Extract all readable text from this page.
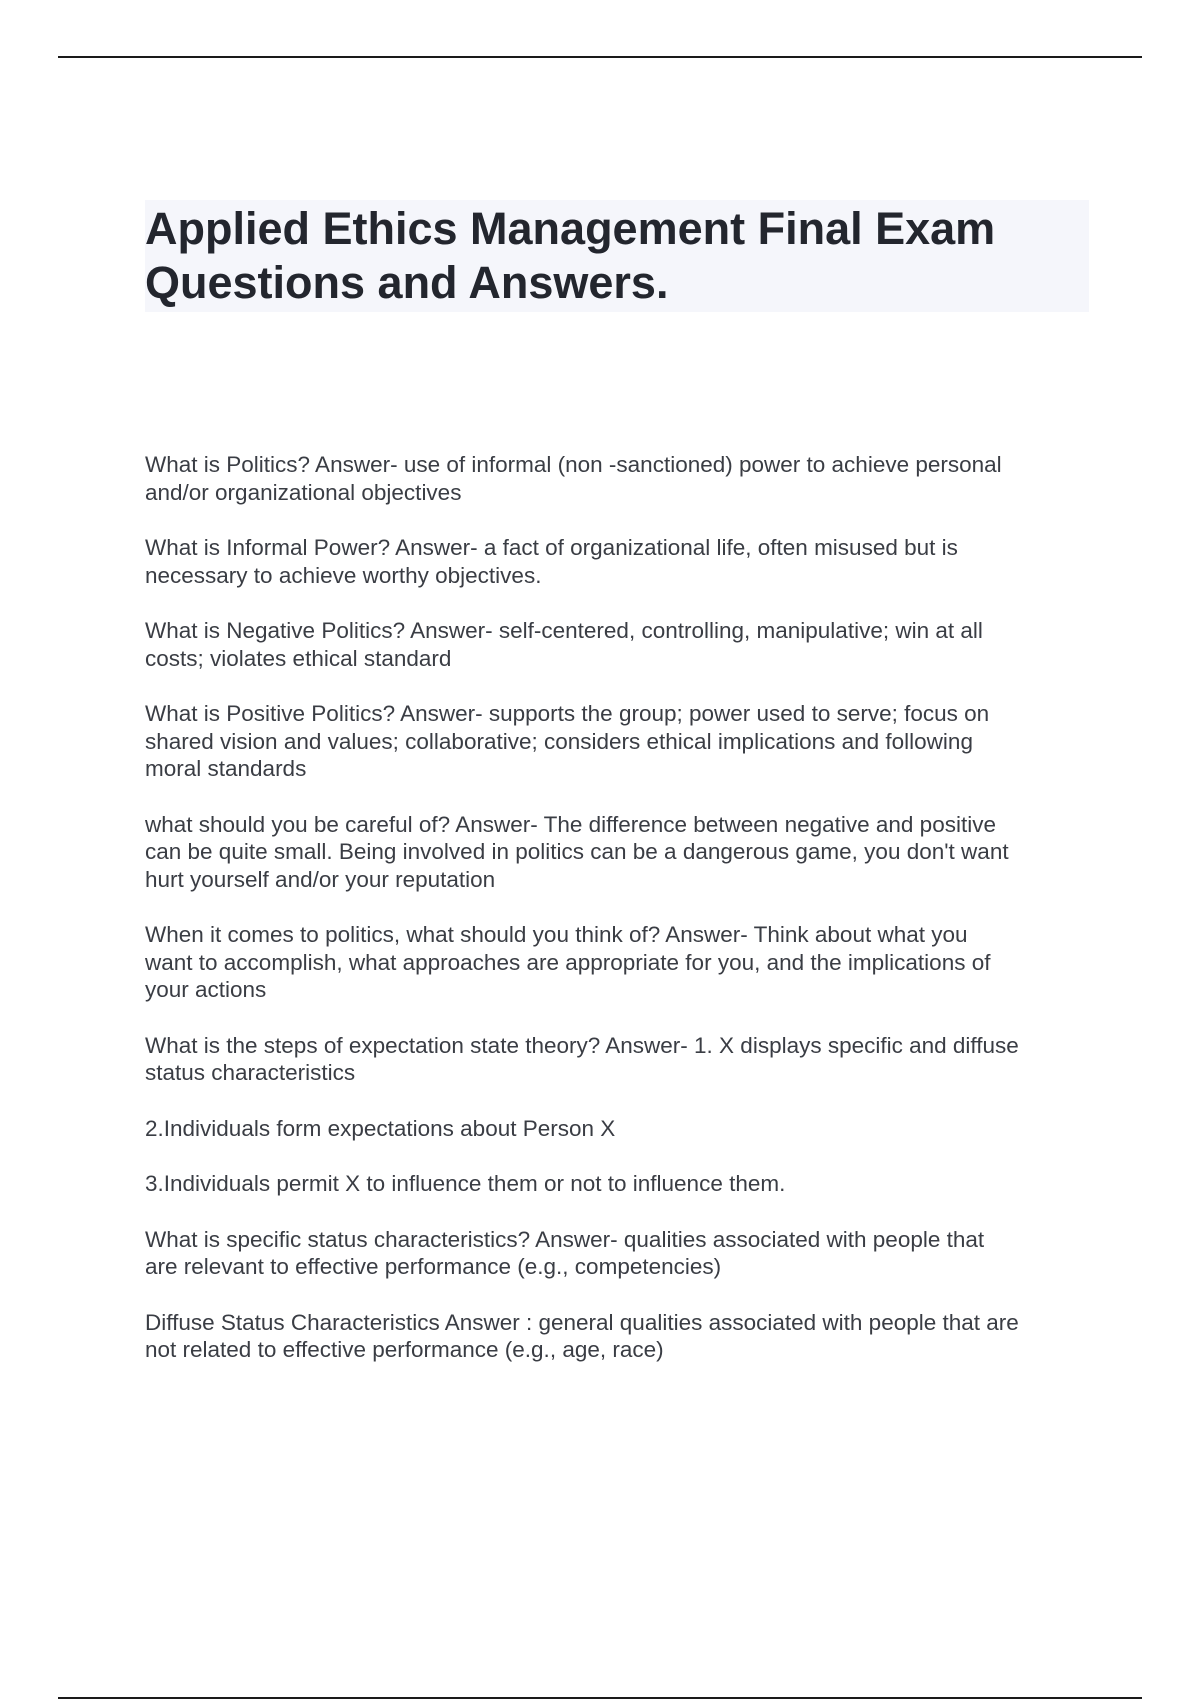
Applied Ethics Management Final Exam
Questions and Answers.

What is Politics? Answer- use of informal (non -sanctioned) power to achieve personal
and/or organizational objectives

What is Informal Power? Answer- a fact of organizational life, often misused but is
necessary to achieve worthy objectives.

What is Negative Politics? Answer- self-centered, controlling, manipulative; win at all
costs; violates ethical standard

What is Positive Politics? Answer- supports the group; power used to serve; focus on
shared vision and values; collaborative; considers ethical implications and following
moral standards

what should you be careful of? Answer- The difference between negative and positive
can be quite small. Being involved in politics can be a dangerous game, you don't want
hurt yourself and/or your reputation

When it comes to politics, what should you think of? Answer- Think about what you
want to accomplish, what approaches are appropriate for you, and the implications of
your actions

What is the steps of expectation state theory? Answer- 1. X displays specific and diffuse
status characteristics

2.Individuals form expectations about Person X

3.Individuals permit X to influence them or not to influence them.

What is specific status characteristics? Answer- qualities associated with people that
are relevant to effective performance (e.g., competencies)

Diffuse Status Characteristics Answer : general qualities associated with people that are
not related to effective performance (e.g., age, race)
